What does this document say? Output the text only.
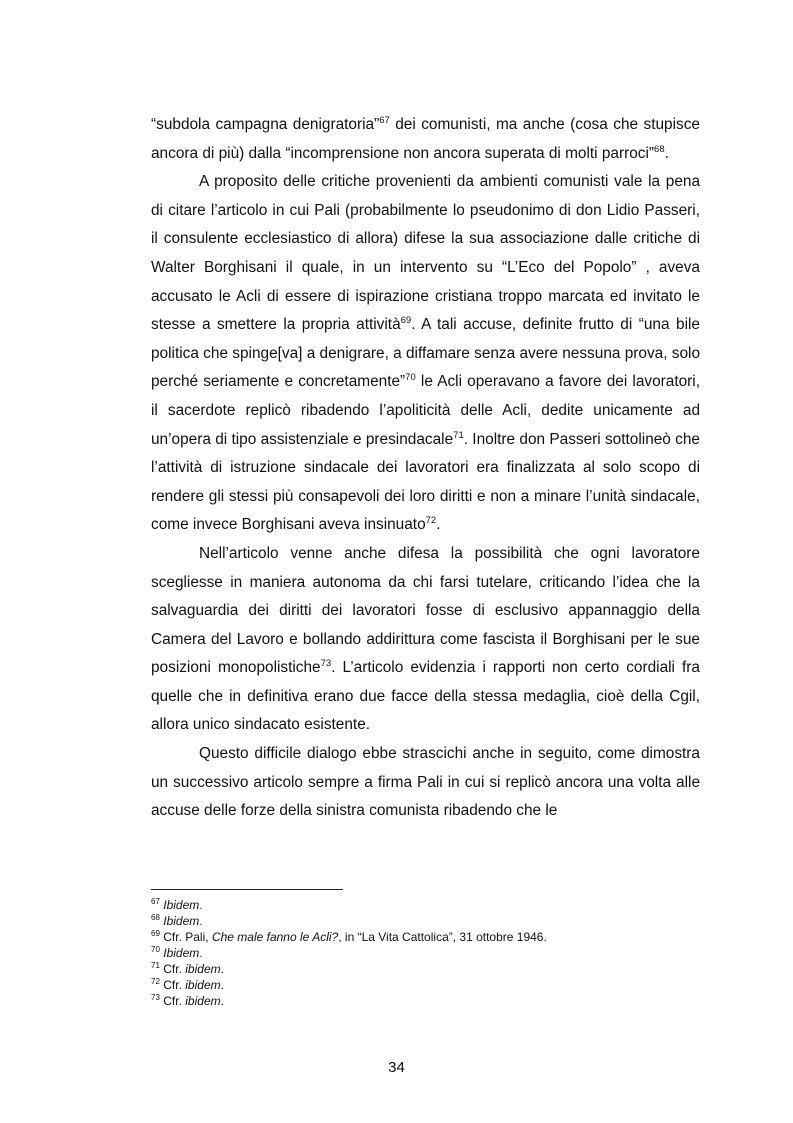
“subdola campagna denigratoria”$^{67}$ dei comunisti, ma anche (cosa che stupisce ancora di più) dalla “incomprensione non ancora superata di molti parroci”$^{68}$.

A proposito delle critiche provenienti da ambienti comunisti vale la pena di citare l’articolo in cui Pali (probabilmente lo pseudonimo di don Lidio Passeri, il consulente ecclesiastico di allora) difese la sua associazione dalle critiche di Walter Borghisani il quale, in un intervento su “L’Eco del Popolo” , aveva accusato le Acli di essere di ispirazione cristiana troppo marcata ed invitato le stesse a smettere la propria attività$^{69}$. A tali accuse, definite frutto di “una bile politica che spinge[va] a denigrare, a diffamare senza avere nessuna prova, solo perché seriamente e concretamente”$^{70}$ le Acli operavano a favore dei lavoratori, il sacerdote replicò ribadendo l’apoliticità delle Acli, dedite unicamente ad un’opera di tipo assistenziale e presindacale$^{71}$. Inoltre don Passeri sottolineò che l’attività di istruzione sindacale dei lavoratori era finalizzata al solo scopo di rendere gli stessi più consapevoli dei loro diritti e non a minare l’unità sindacale, come invece Borghisani aveva insinuato$^{72}$.

Nell’articolo venne anche difesa la possibilità che ogni lavoratore scegliesse in maniera autonoma da chi farsi tutelare, criticando l’idea che la salvaguardia dei diritti dei lavoratori fosse di esclusivo appannaggio della Camera del Lavoro e bollando addirittura come fascista il Borghisani per le sue posizioni monopolistiche$^{73}$. L’articolo evidenzia i rapporti non certo cordiali fra quelle che in definitiva erano due facce della stessa medaglia, cioè della Cgil, allora unico sindacato esistente.

Questo difficile dialogo ebbe strascichi anche in seguito, come dimostra un successivo articolo sempre a firma Pali in cui si replicò ancora una volta alle accuse delle forze della sinistra comunista ribadendo che le

$^{67}$ Ibidem.
$^{68}$ Ibidem.
$^{69}$ Cfr. Pali, Che male fanno le Acli?, in “La Vita Cattolica”, 31 ottobre 1946.
$^{70}$ Ibidem.
$^{71}$ Cfr. ibidem.
$^{72}$ Cfr. ibidem.
$^{73}$ Cfr. ibidem.
34
